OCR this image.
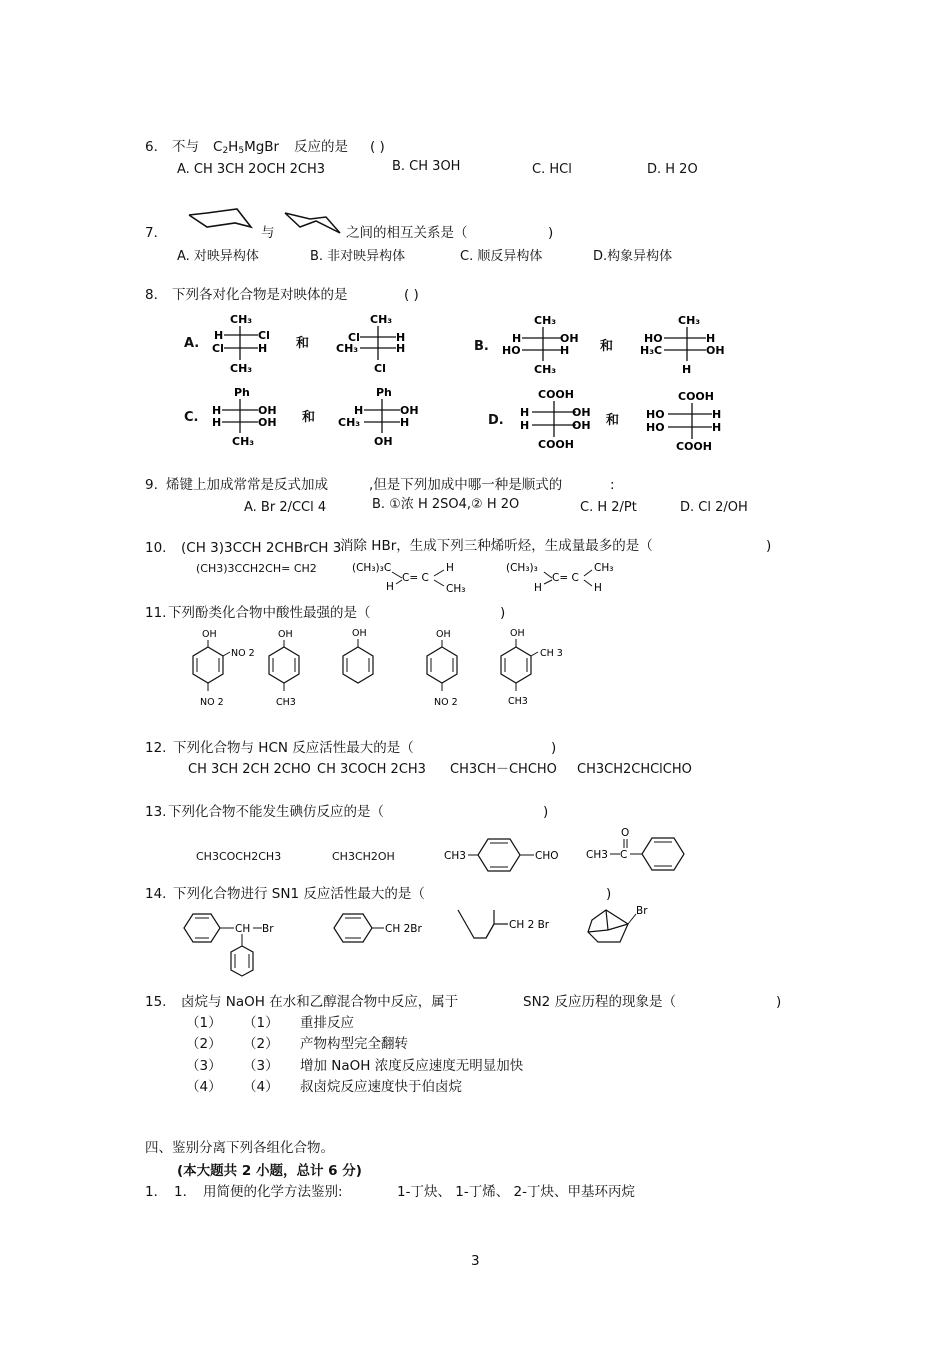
6． 不与 $C_2H_5MgBr$ 反应的是 ( )
A. CH 3CH 2OCH 2CH3	B. CH 3OH	C. HCl	D. H 2O
7．	与	之间的相互关系是（	)
A. 对映异构体	B. 非对映异构体	C. 顺反异构体	D.构象异构体
8． 下列各对化合物是对映体的是	( )
A.
CH₃
H	Cl
Cl	H
CH₃
和
CH₃
Cl	H
CH₃	H
Cl
B.
CH₃
H	OH
HO	H
CH₃
和
CH₃
HO	H
H₃C	OH
H
C.
Ph
H	OH
H	OH
CH₃
和
Ph
H	OH
CH₃	H
OH
D.
COOH
H	OH
H	OH
COOH
和
COOH
HO	H
HO	H
COOH
9. 烯键上加成常常是反式加成	,但是下列加成中哪一种是顺式的	:
A. Br 2/CCl 4	B. ①浓 H 2SO4,② H 2O	C. H 2/Pt	D. Cl 2/OH
10. (CH 3)3CCH 2CHBrCH 3
消除 HBr，生成下列三种烯听烃，生成量最多的是（	)
(CH3)3CCH2CH= CH2	(CH₃)₃C
H
C= C
H
CH₃
(CH₃)₃
H
C= C
CH₃
H
11. 下列酚类化合物中酸性最强的是（	)
OH
NO 2
NO 2
OH
CH3
OH	OH
NO 2
OH
CH 3
CH3
12. 下列化合物与 HCN 反应活性最大的是（	)
CH 3CH 2CH 2CHO CH 3COCH 2CH3 CH3CH－CHCHO CH3CH2CHClCHO
13. 下列化合物不能发生碘仿反应的是（	)
CH3COCH2CH3	CH3CH2OH	CH3	CHO
O
CH3 C
14. 下列化合物进行 SN1 反应活性最大的是（	)
CH Br	CH 2Br	CH 2 Br
Br
15. 卤烷与 NaOH 在水和乙醇混合物中反应，属于	SN2 反应历程的现象是（	)
（1） （1） 重排反应
（2） （2） 产物构型完全翻转
（3） （3） 增加 NaOH 浓度反应速度无明显加快
（4） （4） 叔卤烷反应速度快于伯卤烷
四、鉴别分离下列各组化合物。
(本大题共 2 小题，总计 6 分)
1． 1． 用简便的化学方法鉴别:	1-丁炔、 1-丁烯、 2-丁炔、甲基环丙烷
3
